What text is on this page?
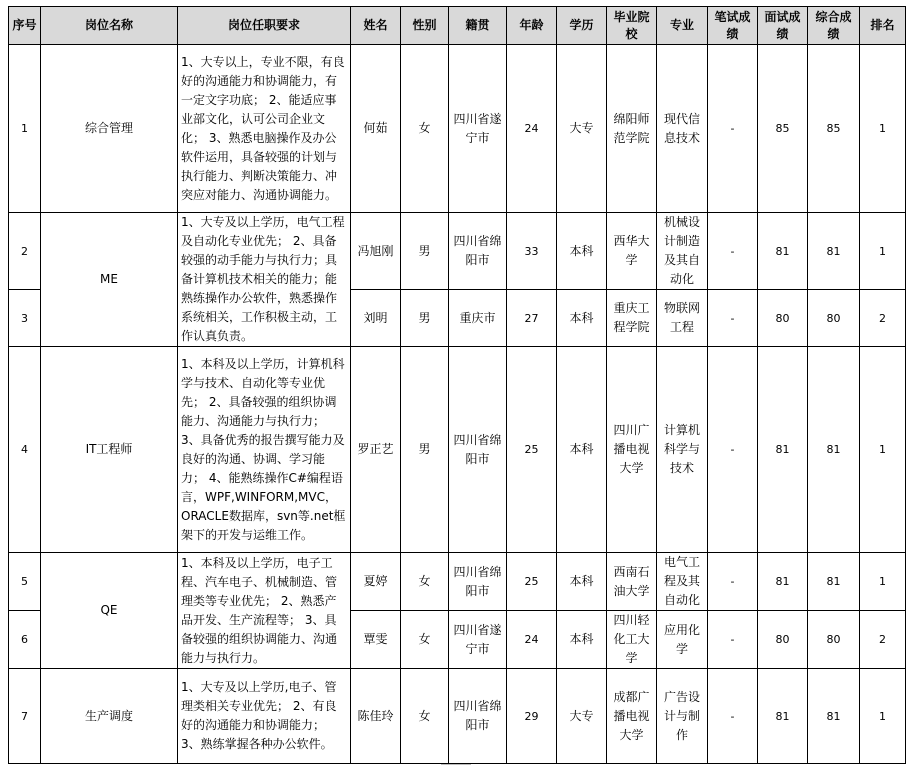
序号	岗位名称	岗位任职要求	姓名	性别	籍贯	年龄	学历	毕业院校	专业	笔试成绩	面试成绩	综合成绩	排名
1	综合管理	1、大专以上，专业不限，有良好的沟通能力和协调能力，有一定文字功底； 2、能适应事业部文化，认可公司企业文化； 3、熟悉电脑操作及办公软件运用，具备较强的计划与执行能力、判断决策能力、冲突应对能力、沟通协调能力。	何茹	女	四川省遂宁市	24	大专	绵阳师范学院	现代信息技术	-	85	85	1
2	ME	1、大专及以上学历，电气工程及自动化专业优先； 2、具备较强的动手能力与执行力；具备计算机技术相关的能力；能熟练操作办公软件，熟悉操作系统相关，工作积极主动，工作认真负责。	冯旭刚	男	四川省绵阳市	33	本科	西华大学	机械设计制造及其自动化	-	81	81	1
3			刘明	男	重庆市	27	本科	重庆工程学院	物联网工程	-	80	80	2
4	IT工程师	1、本科及以上学历，计算机科学与技术、自动化等专业优先； 2、具备较强的组织协调能力、沟通能力与执行力； 3、具备优秀的报告撰写能力及良好的沟通、协调、学习能力； 4、能熟练操作C#编程语言，WPF,WINFORM,MVC，ORACLE数据库，svn等.net框架下的开发与运维工作。	罗正艺	男	四川省绵阳市	25	本科	四川广播电视大学	计算机科学与技术	-	81	81	1
5	QE	1、本科及以上学历，电子工程、汽车电子、机械制造、管理类等专业优先； 2、熟悉产品开发、生产流程等； 3、具备较强的组织协调能力、沟通能力与执行力。	夏婷	女	四川省绵阳市	25	本科	西南石油大学	电气工程及其自动化	-	81	81	1
6			覃雯	女	四川省遂宁市	24	本科	四川轻化工大学	应用化学	-	80	80	2
7	生产调度	1、大专及以上学历,电子、管理类相关专业优先； 2、有良好的沟通能力和协调能力； 3、熟练掌握各种办公软件。	陈佳玲	女	四川省绵阳市	29	大专	成都广播电视大学	广告设计与制作	-	81	81	1
